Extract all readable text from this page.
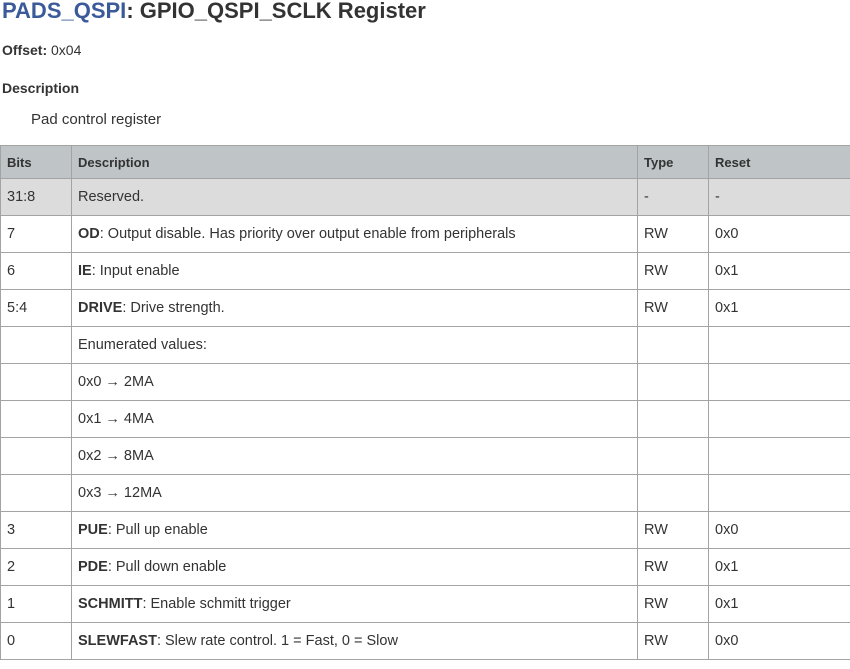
PADS_QSPI: GPIO_QSPI_SCLK Register
Offset: 0x04
Description
Pad control register
Bits	Description	Type	Reset
31:8	Reserved.	-	-
7	OD: Output disable. Has priority over output enable from peripherals	RW	0x0
6	IE: Input enable	RW	0x1
5:4	DRIVE: Drive strength.	RW	0x1
	Enumerated values:		
	0x0 → 2MA		
	0x1 → 4MA		
	0x2 → 8MA		
	0x3 → 12MA		
3	PUE: Pull up enable	RW	0x0
2	PDE: Pull down enable	RW	0x1
1	SCHMITT: Enable schmitt trigger	RW	0x1
0	SLEWFAST: Slew rate control. 1 = Fast, 0 = Slow	RW	0x0
